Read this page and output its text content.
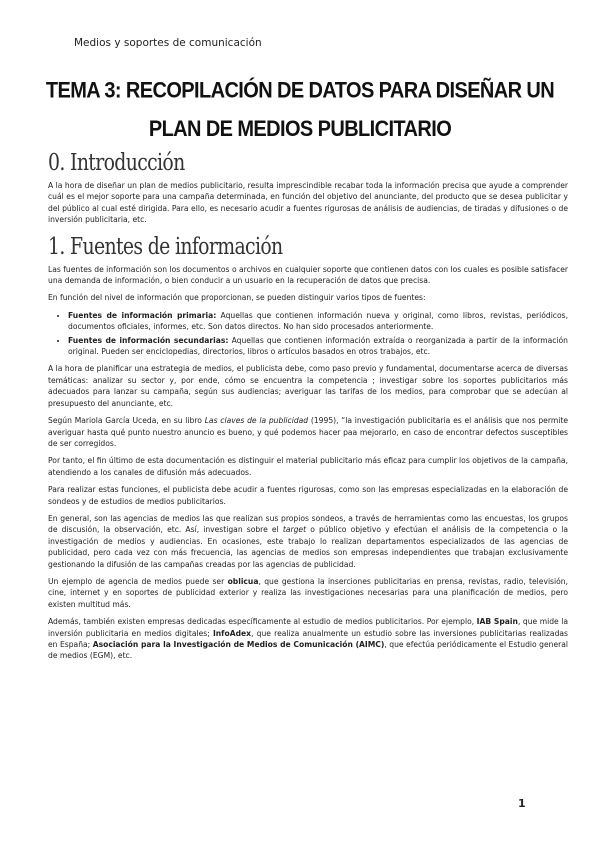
Medios y soportes de comunicación
TEMA 3: RECOPILACIÓN DE DATOS PARA DISEÑAR UN PLAN DE MEDIOS PUBLICITARIO
0. Introducción

A la hora de diseñar un plan de medios publicitario, resulta imprescindible recabar toda la información precisa que ayude a comprender cuál es el mejor soporte para una campaña determinada, en función del objetivo del anunciante, del producto que se desea publicitar y del público al cual esté dirigida. Para ello, es necesario acudir a fuentes rigurosas de análisis de audiencias, de tiradas y difusiones o de inversión publicitaria, etc.

1. Fuentes de información

Las fuentes de información son los documentos o archivos en cualquier soporte que contienen datos con los cuales es posible satisfacer una demanda de información, o bien conducir a un usuario en la recuperación de datos que precisa.

En función del nivel de información que proporcionan, se pueden distinguir varios tipos de fuentes:

• Fuentes de información primaria: Aquellas que contienen información nueva y original, como libros, revistas, periódicos, documentos oficiales, informes, etc. Son datos directos. No han sido procesados anteriormente.
• Fuentes de información secundarias: Aquellas que contienen información extraída o reorganizada a partir de la información original. Pueden ser enciclopedias, directorios, libros o artículos basados en otros trabajos, etc.

A la hora de planificar una estrategia de medios, el publicista debe, como paso previo y fundamental, documentarse acerca de diversas temáticas: analizar su sector y, por ende, cómo se encuentra la competencia ; investigar sobre los soportes publicitarios más adecuados para lanzar su campaña, según sus audiencias; averiguar las tarifas de los medios, para comprobar que se adecúan al presupuesto del anunciante, etc.

Según Mariola García Uceda, en su libro Las claves de la publicidad (1995), “la investigación publicitaria es el análisis que nos permite averiguar hasta qué punto nuestro anuncio es bueno, y qué podemos hacer paa mejorarlo, en caso de encontrar defectos susceptibles de ser corregidos.

Por tanto, el fin último de esta documentación es distinguir el material publicitario más eficaz para cumplir los objetivos de la campaña, atendiendo a los canales de difusión más adecuados.

Para realizar estas funciones, el publicista debe acudir a fuentes rigurosas, como son las empresas especializadas en la elaboración de sondeos y de estudios de medios publicitarios.

En general, son las agencias de medios las que realizan sus propios sondeos, a través de herramientas como las encuestas, los grupos de discusión, la observación, etc. Así, investigan sobre el target o público objetivo y efectúan el análisis de la competencia o la investigación de medios y audiencias. En ocasiones, este trabajo lo realizan departamentos especializados de las agencias de publicidad, pero cada vez con más frecuencia, las agencias de medios son empresas independientes que trabajan exclusivamente gestionando la difusión de las campañas creadas por las agencias de publicidad.

Un ejemplo de agencia de medios puede ser oblicua, que gestiona la inserciones publicitarias en prensa, revistas, radio, televisión, cine, internet y en soportes de publicidad exterior y realiza las investigaciones necesarias para una planificación de medios, pero existen multitud más.

Además, también existen empresas dedicadas específicamente al estudio de medios publicitarios. Por ejemplo, IAB Spain, que mide la inversión publicitaria en medios digitales; InfoAdex, que realiza anualmente un estudio sobre las inversiones publicitarias realizadas en España; Asociación para la Investigación de Medios de Comunicación (AIMC), que efectúa periódicamente el Estudio general de medios (EGM), etc.

1
